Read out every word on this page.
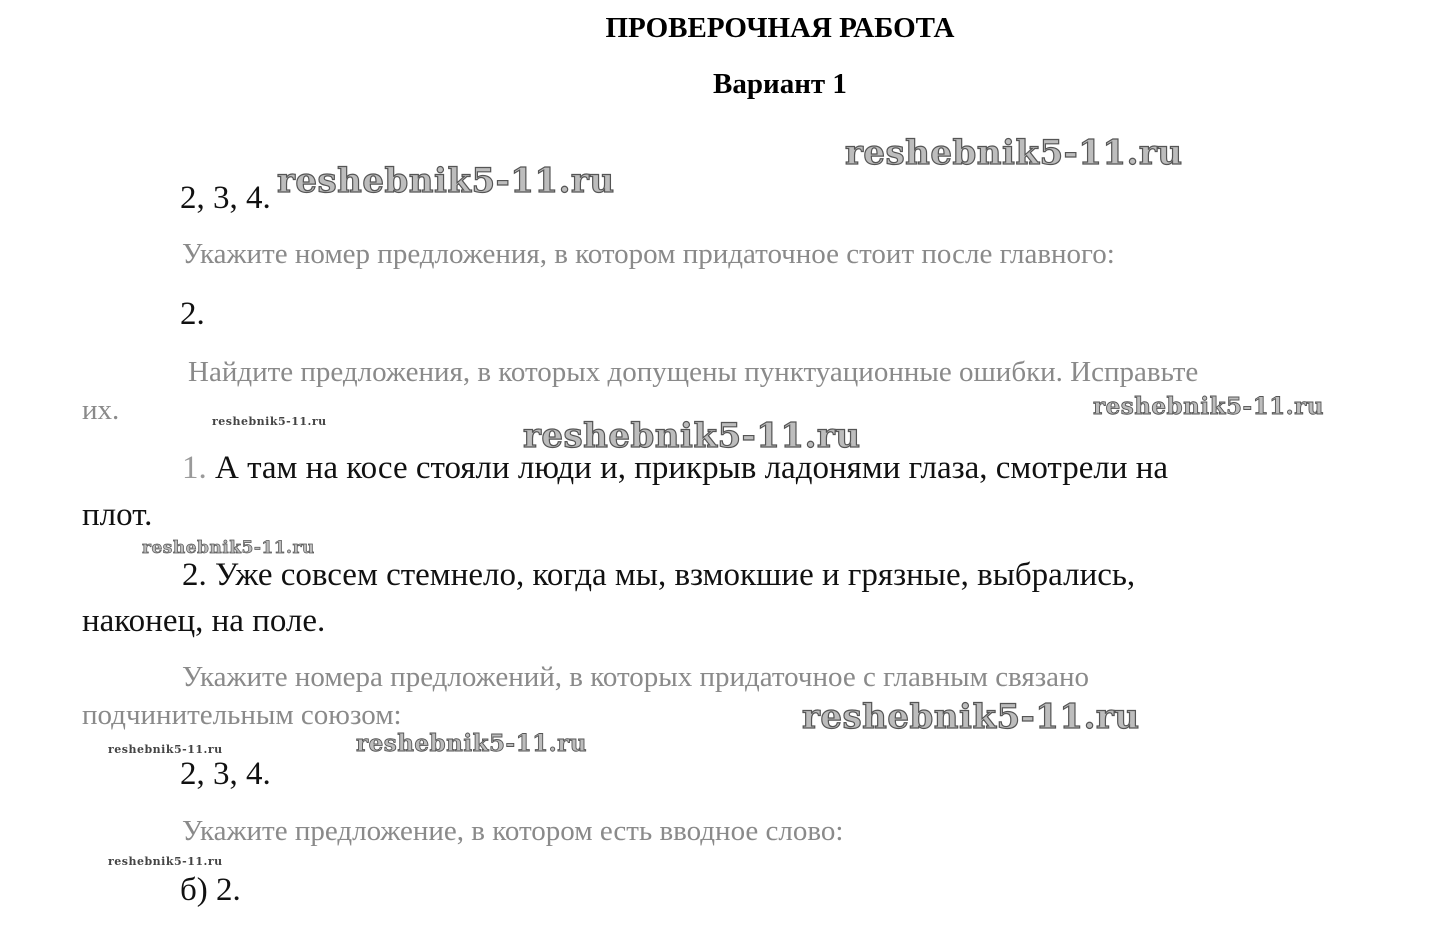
ПРОВЕРОЧНАЯ РАБОТА
Вариант 1
2, 3, 4.
Укажите номер предложения, в котором придаточное стоит после главного:
2.
Найдите предложения, в которых допущены пунктуационные ошибки. Исправьте
их.
1. А там на косе стояли люди и, прикрыв ладонями глаза, смотрели на
плот.
2. Уже совсем стемнело, когда мы, взмокшие и грязные, выбрались,
наконец, на поле.
Укажите номера предложений, в которых придаточное с главным связано
подчинительным союзом:
2, 3, 4.
Укажите предложение, в котором есть вводное слово:
б) 2.
reshebnik5-11.ru
reshebnik5-11.ru
reshebnik5-11.ru
reshebnik5-11.ru
reshebnik5-11.ru
reshebnik5-11.ru
reshebnik5-11.ru
reshebnik5-11.ru
reshebnik5-11.ru
reshebnik5-11.ru
